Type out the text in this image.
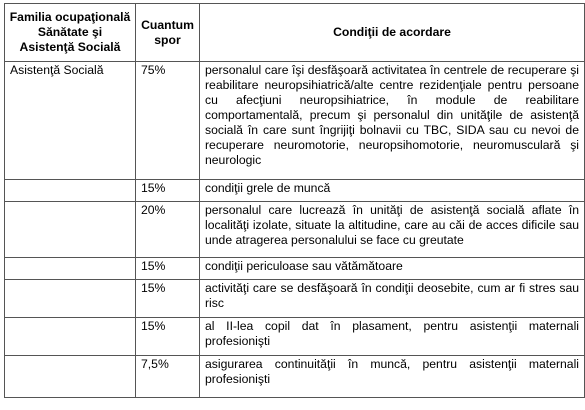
Familia ocupaţională Sănătate şi Asistenţă Socială	Cuantum spor	Condiţii de acordare
Asistenţă Socială	75%	personalul care îşi desfăşoară activitatea în centrele de recuperare şi reabilitare neuropsihiatrică/alte centre rezidenţiale pentru persoane cu afecţiuni neuropsihiatrice, în module de reabilitare comportamentală, precum şi personalul din unităţile de asistenţă socială în care sunt îngrijiţi bolnavii cu TBC, SIDA sau cu nevoi de recuperare neuromotorie, neuropsihomotorie, neuromusculară şi neurologic
	15%	condiţii grele de muncă
	20%	personalul care lucrează în unităţi de asistenţă socială aflate în localităţi izolate, situate la altitudine, care au căi de acces dificile sau unde atragerea personalului se face cu greutate
	15%	condiţii periculoase sau vătămătoare
	15%	activităţi care se desfăşoară în condiţii deosebite, cum ar fi stres sau risc
	15%	al II-lea copil dat în plasament, pentru asistenţii maternali profesionişti
	7,5%	asigurarea continuităţii în muncă, pentru asistenţii maternali profesionişti
